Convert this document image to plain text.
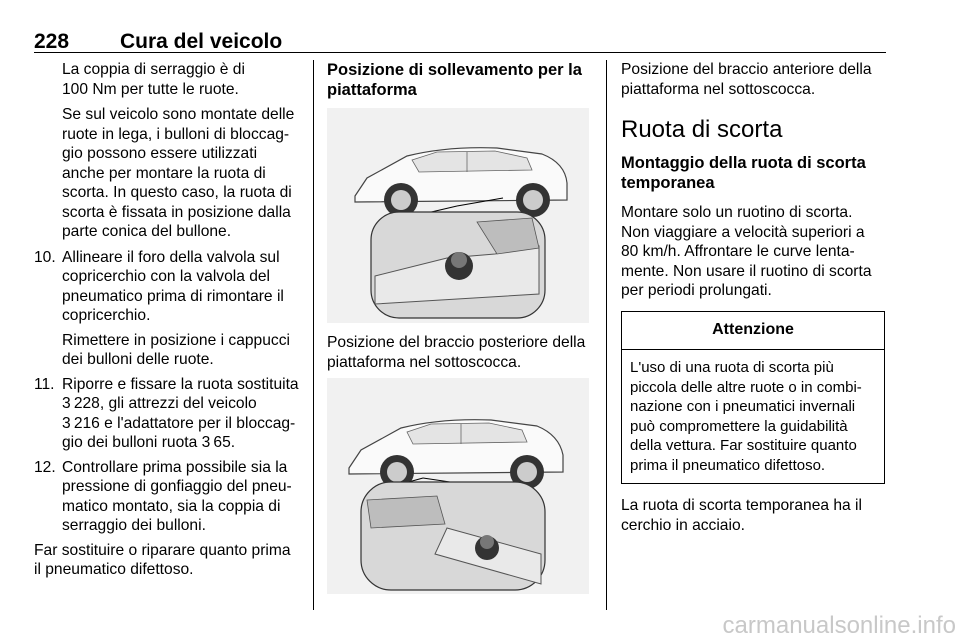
228 Cura del veicolo

La coppia di serraggio è di
100 Nm per tutte le ruote.

Se sul veicolo sono montate delle
ruote in lega, i bulloni di bloccag-
gio possono essere utilizzati
anche per montare la ruota di
scorta. In questo caso, la ruota di
scorta è fissata in posizione dalla
parte conica del bullone.

10. Allineare il foro della valvola sul
copricerchio con la valvola del
pneumatico prima di rimontare il
copricerchio.

Rimettere in posizione i cappucci
dei bulloni delle ruote.

11. Riporre e fissare la ruota sostituita
3  228, gli attrezzi del veicolo
3  216 e l'adattatore per il bloccag-
gio dei bulloni ruota 3  65.
12. Controllare prima possibile sia la
pressione di gonfiaggio del pneu-
matico montato, sia la coppia di
serraggio dei bulloni.

Far sostituire o riparare quanto prima
il pneumatico difettoso.

Posizione di sollevamento per la
piattaforma

Posizione del braccio posteriore della
piattaforma nel sottoscocca.

Posizione del braccio anteriore della
piattaforma nel sottoscocca.

Ruota di scorta

Montaggio della ruota di scorta
temporanea

Montare solo un ruotino di scorta.
Non viaggiare a velocità superiori a
80 km/h. Affrontare le curve lenta-
mente. Non usare il ruotino di scorta
per periodi prolungati.

Attenzione
L'uso di una ruota di scorta più
piccola delle altre ruote o in combi-
nazione con i pneumatici invernali
può compromettere la guidabilità
della vettura. Far sostituire quanto
prima il pneumatico difettoso.

La ruota di scorta temporanea ha il
cerchio in acciaio.

carmanualsonline.info
